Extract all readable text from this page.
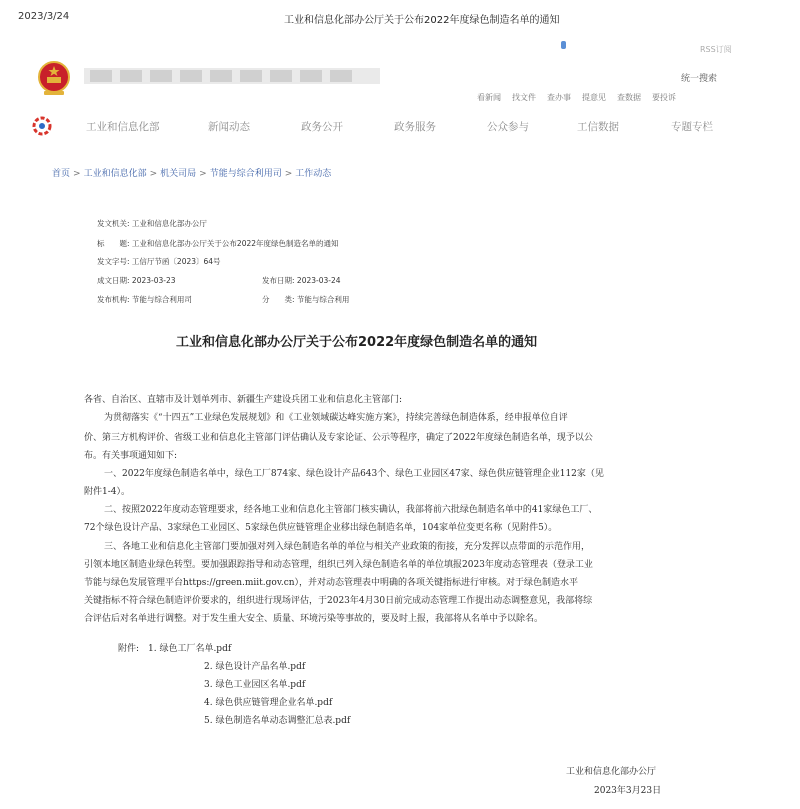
2023/3/24	工业和信息化部办公厅关于公布2022年度绿色制造名单的通知
RSS订阅
统一搜索
看新闻 找文件 查办事 提意见 查数据 要投诉
工业和信息化部	新闻动态	政务公开	政务服务	公众参与	工信数据	专题专栏
首页 > 工业和信息化部 > 机关司局 > 节能与综合利用司 > 工作动态
发文机关: 工业和信息化部办公厅
标　　题: 工业和信息化部办公厅关于公布2022年度绿色制造名单的通知
发文字号: 工信厅节函〔2023〕64号
成文日期: 2023-03-23	发布日期: 2023-03-24
发布机构: 节能与综合利用司	分　　类: 节能与综合利用
工业和信息化部办公厅关于公布2022年度绿色制造名单的通知
各省、自治区、直辖市及计划单列市、新疆生产建设兵团工业和信息化主管部门:
为贯彻落实《“十四五”工业绿色发展规划》和《工业领域碳达峰实施方案》，持续完善绿色制造体系，经申报单位自评
价、第三方机构评价、省级工业和信息化主管部门评估确认及专家论证、公示等程序，确定了2022年度绿色制造名单，现予以公
布。有关事项通知如下:
一、2022年度绿色制造名单中，绿色工厂874家、绿色设计产品643个、绿色工业园区47家、绿色供应链管理企业112家（见
附件1-4）。
二、按照2022年度动态管理要求，经各地工业和信息化主管部门核实确认，我部将前六批绿色制造名单中的41家绿色工厂、
72个绿色设计产品、3家绿色工业园区、5家绿色供应链管理企业移出绿色制造名单，104家单位变更名称（见附件5）。
三、各地工业和信息化主管部门要加强对列入绿色制造名单的单位与相关产业政策的衔接，充分发挥以点带面的示范作用，
引领本地区制造业绿色转型。要加强跟踪指导和动态管理，组织已列入绿色制造名单的单位填报2023年度动态管理表（登录工业
节能与绿色发展管理平台https://green.miit.gov.cn），并对动态管理表中明确的各项关键指标进行审核。对于绿色制造水平
关键指标不符合绿色制造评价要求的，组织进行现场评估，于2023年4月30日前完成动态管理工作提出动态调整意见，我部将综
合评估后对名单进行调整。对于发生重大安全、质量、环境污染等事故的，要及时上报，我部将从名单中予以除名。
附件: 1. 绿色工厂名单.pdf
2. 绿色设计产品名单.pdf
3. 绿色工业园区名单.pdf
4. 绿色供应链管理企业名单.pdf
5. 绿色制造名单动态调整汇总表.pdf
工业和信息化部办公厅
2023年3月23日
